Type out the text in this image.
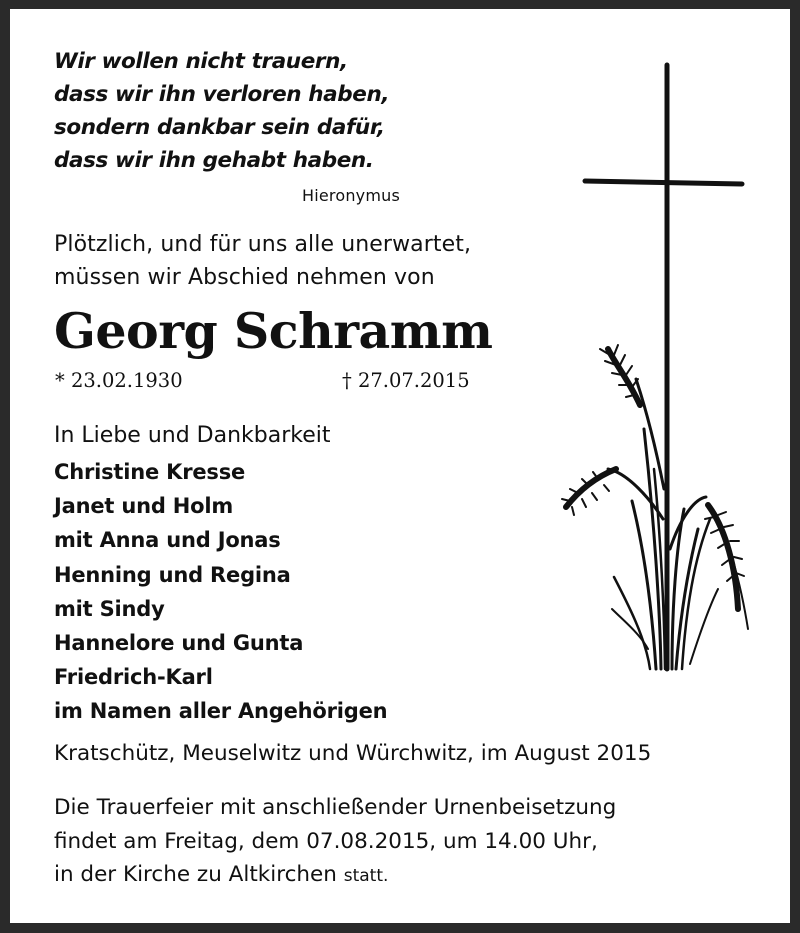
Wir wollen nicht trauern,
dass wir ihn verloren haben,
sondern dankbar sein dafür,
dass wir ihn gehabt haben.
Hieronymus
Plötzlich, und für uns alle unerwartet,
müssen wir Abschied nehmen von
Georg Schramm
* 23.02.1930	† 27.07.2015
In Liebe und Dankbarkeit
Christine Kresse
Janet und Holm
mit Anna und Jonas
Henning und Regina
mit Sindy
Hannelore und Gunta
Friedrich-Karl
im Namen aller Angehörigen
Kratschütz, Meuselwitz und Würchwitz, im August 2015
Die Trauerfeier mit anschließender Urnenbeisetzung
findet am Freitag, dem 07.08.2015, um 14.00 Uhr,
in der Kirche zu Altkirchen statt.
